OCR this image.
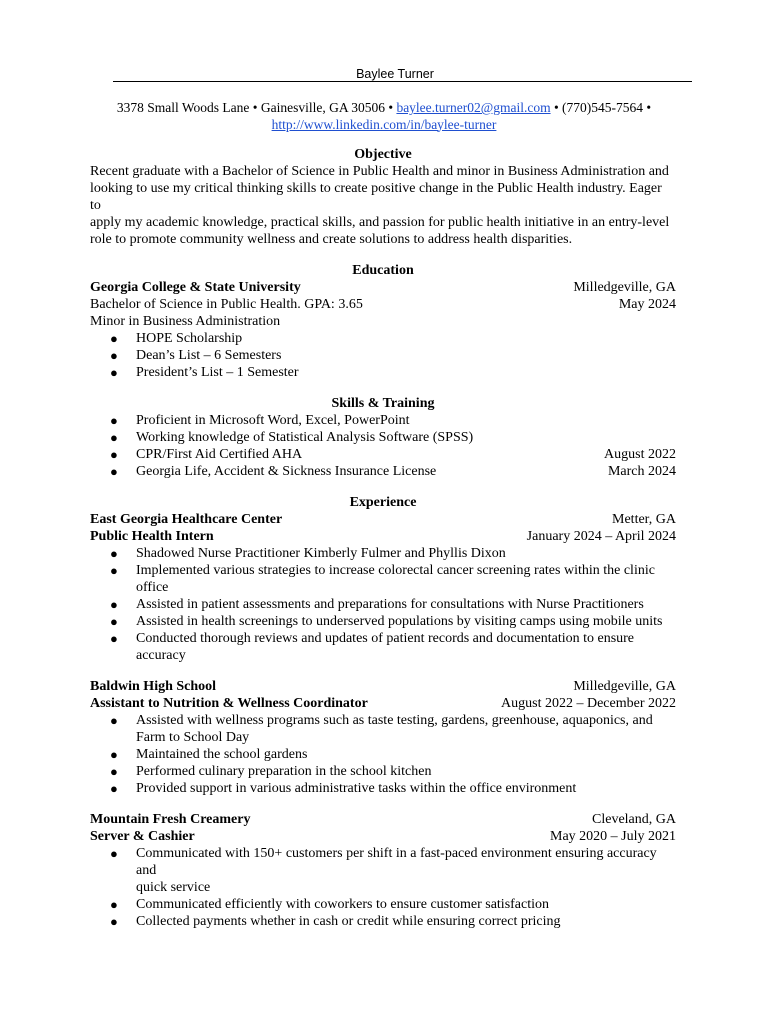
Baylee Turner
3378 Small Woods Lane • Gainesville, GA 30506 • baylee.turner02@gmail.com • (770)545-7564 •
http://www.linkedin.com/in/baylee-turner
Objective
Recent graduate with a Bachelor of Science in Public Health and minor in Business Administration and
looking to use my critical thinking skills to create positive change in the Public Health industry. Eager to
apply my academic knowledge, practical skills, and passion for public health initiative in an entry-level
role to promote community wellness and create solutions to address health disparities.
Education
Georgia College & State University	Milledgeville, GA
Bachelor of Science in Public Health. GPA: 3.65	May 2024
Minor in Business Administration
● HOPE Scholarship
● Dean’s List – 6 Semesters
● President’s List – 1 Semester
Skills & Training
● Proficient in Microsoft Word, Excel, PowerPoint
● Working knowledge of Statistical Analysis Software (SPSS)
● CPR/First Aid Certified AHA	August 2022
● Georgia Life, Accident & Sickness Insurance License	March 2024
Experience
East Georgia Healthcare Center	Metter, GA
Public Health Intern	January 2024 – April 2024
● Shadowed Nurse Practitioner Kimberly Fulmer and Phyllis Dixon
● Implemented various strategies to increase colorectal cancer screening rates within the clinic
office
● Assisted in patient assessments and preparations for consultations with Nurse Practitioners
● Assisted in health screenings to underserved populations by visiting camps using mobile units
● Conducted thorough reviews and updates of patient records and documentation to ensure
accuracy
Baldwin High School	Milledgeville, GA
Assistant to Nutrition & Wellness Coordinator	August 2022 – December 2022
● Assisted with wellness programs such as taste testing, gardens, greenhouse, aquaponics, and
Farm to School Day
● Maintained the school gardens
● Performed culinary preparation in the school kitchen
● Provided support in various administrative tasks within the office environment
Mountain Fresh Creamery	Cleveland, GA
Server & Cashier	May 2020 – July 2021
● Communicated with 150+ customers per shift in a fast-paced environment ensuring accuracy and
quick service
● Communicated efficiently with coworkers to ensure customer satisfaction
● Collected payments whether in cash or credit while ensuring correct pricing
